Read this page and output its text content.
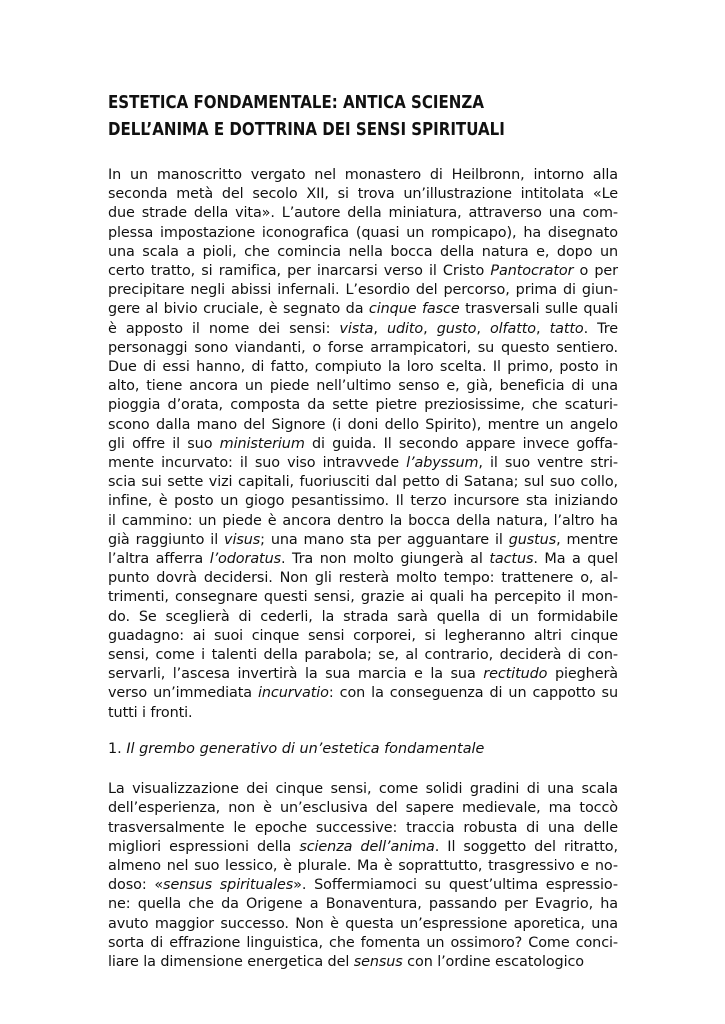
ESTETICA FONDAMENTALE: ANTICA SCIENZA
DELL’ANIMA E DOTTRINA DEI SENSI SPIRITUALI

In un manoscritto vergato nel monastero di Heilbronn, intorno alla
seconda metà del secolo XII, si trova un’illustrazione intitolata «Le
due strade della vita». L’autore della miniatura, attraverso una com-
plessa impostazione iconografica (quasi un rompicapo), ha disegnato
una scala a pioli, che comincia nella bocca della natura e, dopo un
certo tratto, si ramifica, per inarcarsi verso il Cristo Pantocrator o per
precipitare negli abissi infernali. L’esordio del percorso, prima di giun-
gere al bivio cruciale, è segnato da cinque fasce trasversali sulle quali
è apposto il nome dei sensi: vista, udito, gusto, olfatto, tatto. Tre
personaggi sono viandanti, o forse arrampicatori, su questo sentiero.
Due di essi hanno, di fatto, compiuto la loro scelta. Il primo, posto in
alto, tiene ancora un piede nell’ultimo senso e, già, beneficia di una
pioggia d’orata, composta da sette pietre preziosissime, che scaturi-
scono dalla mano del Signore (i doni dello Spirito), mentre un angelo
gli offre il suo ministerium di guida. Il secondo appare invece goffa-
mente incurvato: il suo viso intravvede l’abyssum, il suo ventre stri-
scia sui sette vizi capitali, fuoriusciti dal petto di Satana; sul suo collo,
infine, è posto un giogo pesantissimo. Il terzo incursore sta iniziando
il cammino: un piede è ancora dentro la bocca della natura, l’altro ha
già raggiunto il visus; una mano sta per agguantare il gustus, mentre
l’altra afferra l’odoratus. Tra non molto giungerà al tactus. Ma a quel
punto dovrà decidersi. Non gli resterà molto tempo: trattenere o, al-
trimenti, consegnare questi sensi, grazie ai quali ha percepito il mon-
do. Se sceglierà di cederli, la strada sarà quella di un formidabile
guadagno: ai suoi cinque sensi corporei, si legheranno altri cinque
sensi, come i talenti della parabola; se, al contrario, deciderà di con-
servarli, l’ascesa invertirà la sua marcia e la sua rectitudo piegherà
verso un’immediata incurvatio: con la conseguenza di un cappotto su
tutti i fronti.

1. Il grembo generativo di un’estetica fondamentale

La visualizzazione dei cinque sensi, come solidi gradini di una scala
dell’esperienza, non è un’esclusiva del sapere medievale, ma toccò
trasversalmente le epoche successive: traccia robusta di una delle
migliori espressioni della scienza dell’anima. Il soggetto del ritratto,
almeno nel suo lessico, è plurale. Ma è soprattutto, trasgressivo e no-
doso: «sensus spirituales». Soffermiamoci su quest’ultima espressio-
ne: quella che da Origene a Bonaventura, passando per Evagrio, ha
avuto maggior successo. Non è questa un’espressione aporetica, una
sorta di effrazione linguistica, che fomenta un ossimoro? Come conci-
liare la dimensione energetica del sensus con l’ordine escatologico
